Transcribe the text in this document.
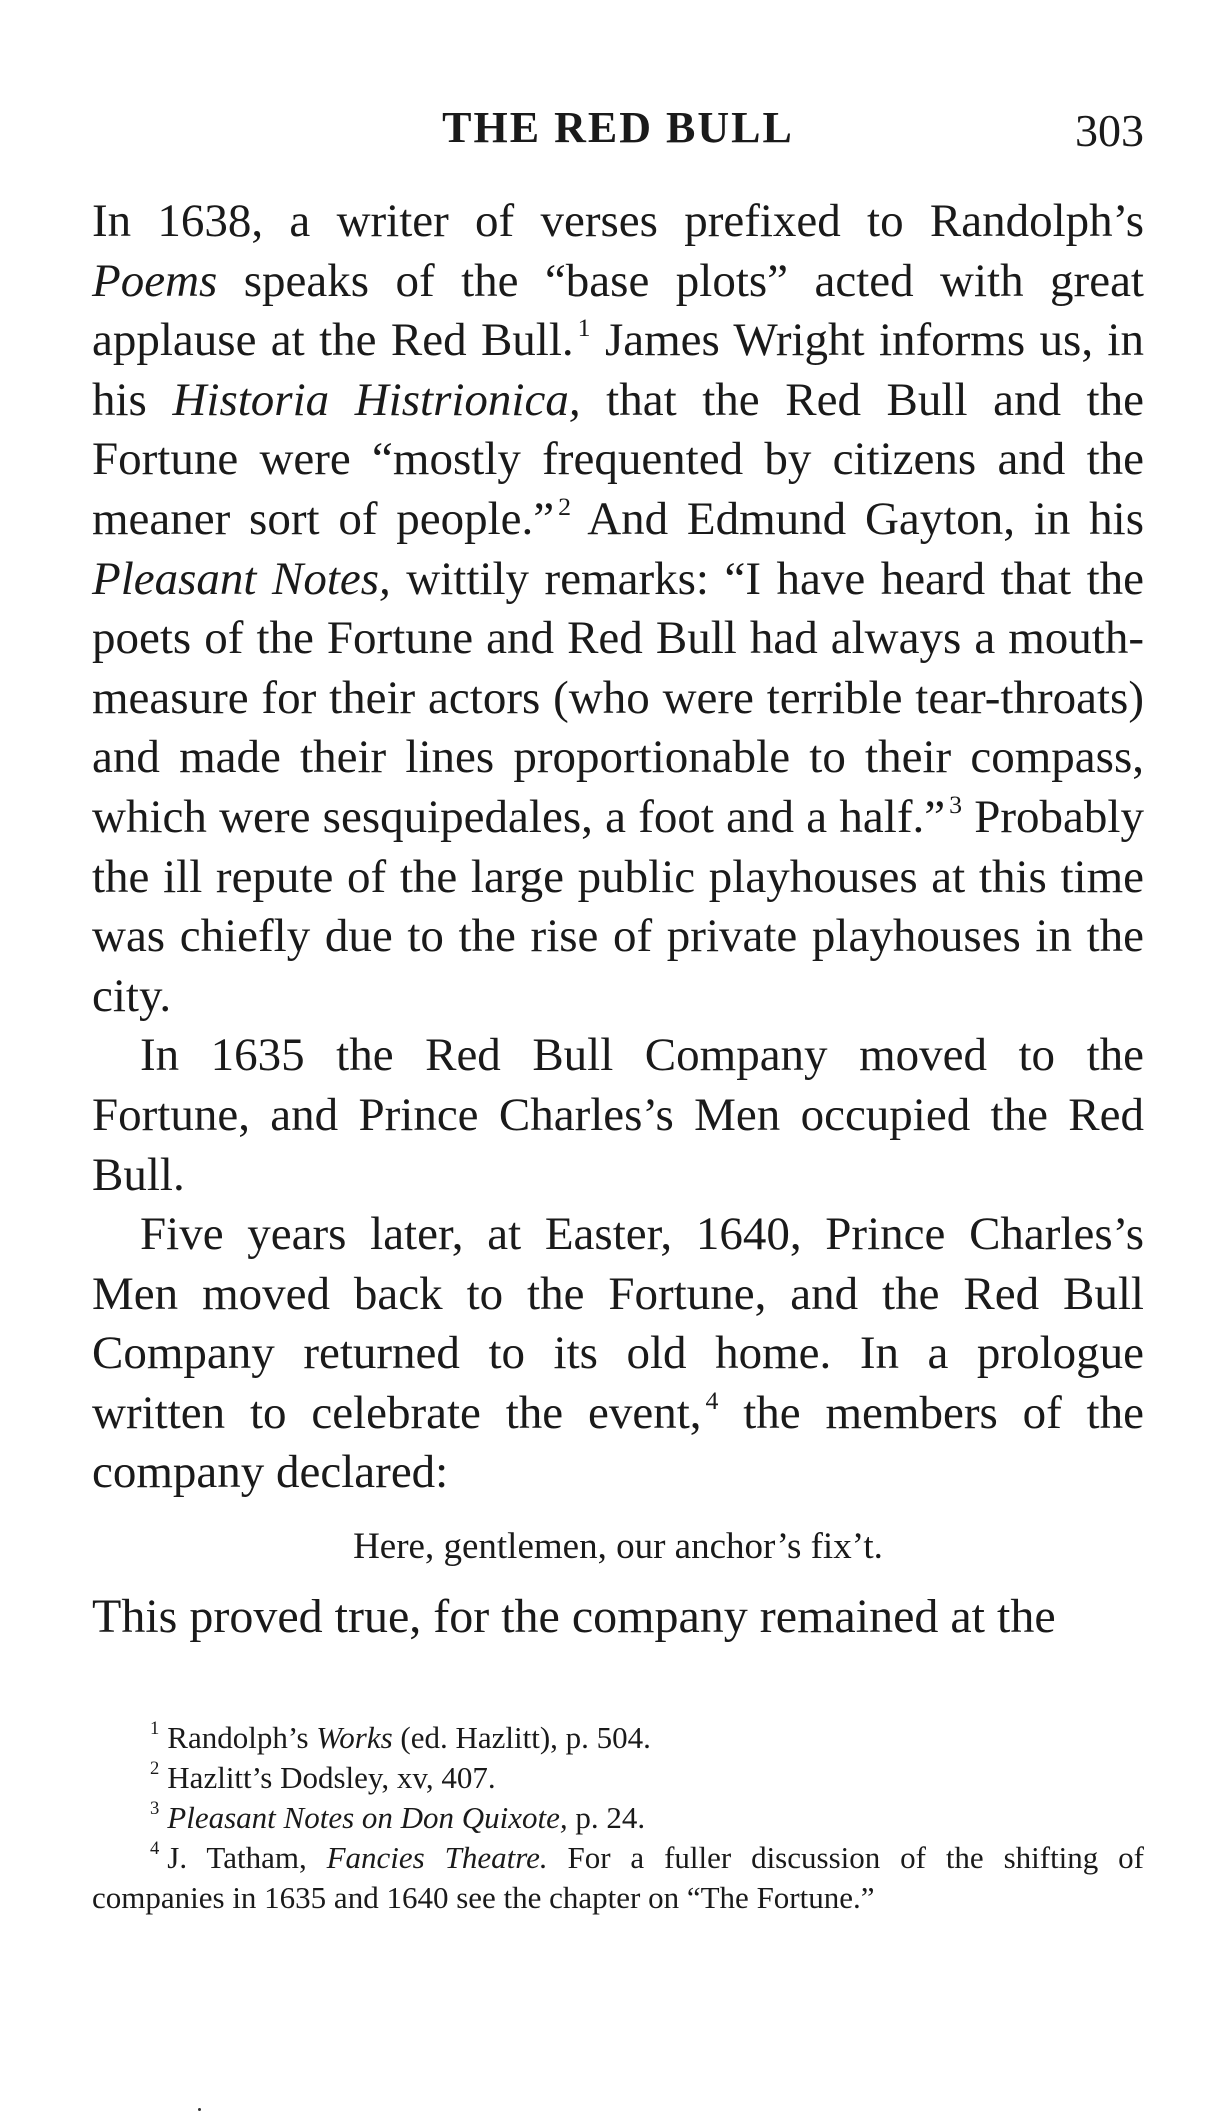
THE RED BULL	303

In 1638, a writer of verses prefixed to Randolph’s Poems speaks of the “base plots” acted with great applause at the Red Bull. $^1$ James Wright informs us, in his Historia Histrionica, that the Red Bull and the Fortune were “mostly frequented by citizens and the meaner sort of people.” $^2$ And Edmund Gayton, in his Pleasant Notes, wittily remarks: “I have heard that the poets of the Fortune and Red Bull had always a mouth-measure for their actors (who were terrible tear-throats) and made their lines proportionable to their compass, which were sesquipedales, a foot and a half.” $^3$ Probably the ill repute of the large public playhouses at this time was chiefly due to the rise of private playhouses in the city.

In 1635 the Red Bull Company moved to the Fortune, and Prince Charles’s Men occupied the Red Bull.

Five years later, at Easter, 1640, Prince Charles’s Men moved back to the Fortune, and the Red Bull Company returned to its old home. In a prologue written to celebrate the event, $^4$ the members of the company declared:

Here, gentlemen, our anchor’s fix’t.

This proved true, for the company remained at the

$^1$ Randolph’s Works (ed. Hazlitt), p. 504.

$^2$ Hazlitt’s Dodsley, xv, 407.

$^3$ Pleasant Notes on Don Quixote, p. 24.

$^4$ J. Tatham, Fancies Theatre. For a fuller discussion of the shifting of companies in 1635 and 1640 see the chapter on “The Fortune.”
